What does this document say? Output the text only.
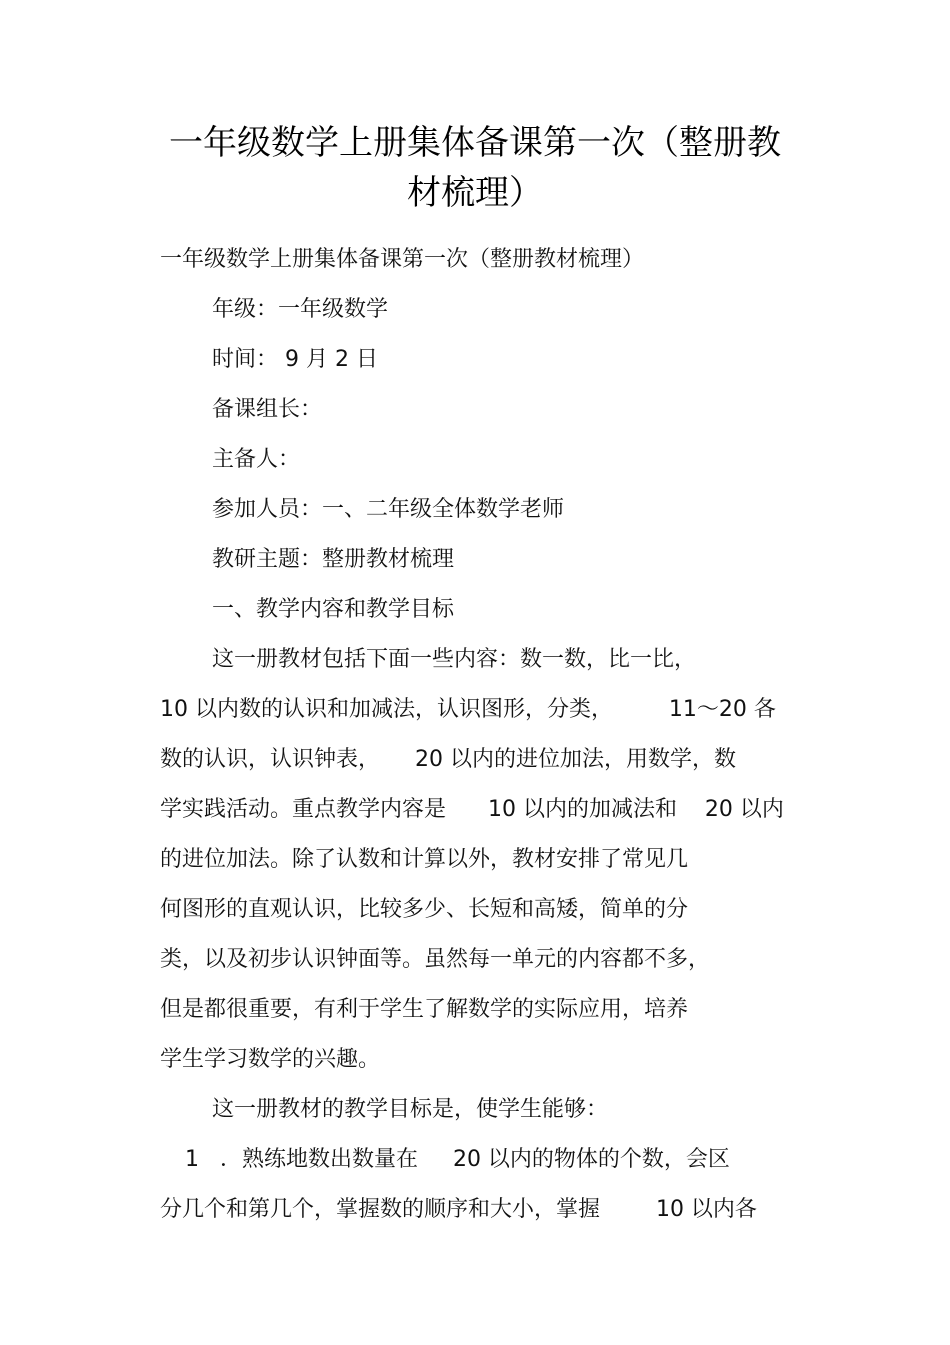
一年级数学上册集体备课第一次（整册教
材梳理）
一年级数学上册集体备课第一次（整册教材梳理）
年级：一年级数学
时间： 9 月 2 日
备课组长：
主备人：
参加人员：一、二年级全体数学老师
教研主题：整册教材梳理
一、教学内容和教学目标
这一册教材包括下面一些内容：数一数，比一比，
10 以内数的认识和加减法，认识图形，分类，        11～20 各
数的认识，认识钟表，     20 以内的进位加法，用数学，数
学实践活动。重点教学内容是      10 以内的加减法和    20 以内
的进位加法。除了认数和计算以外，教材安排了常见几
何图形的直观认识，比较多少、长短和高矮，简单的分
类，以及初步认识钟面等。虽然每一单元的内容都不多，
但是都很重要，有利于学生了解数学的实际应用，培养
学生学习数学的兴趣。
这一册教材的教学目标是，使学生能够：
1   ．熟练地数出数量在     20 以内的物体的个数，会区
分几个和第几个，掌握数的顺序和大小，掌握        10 以内各
